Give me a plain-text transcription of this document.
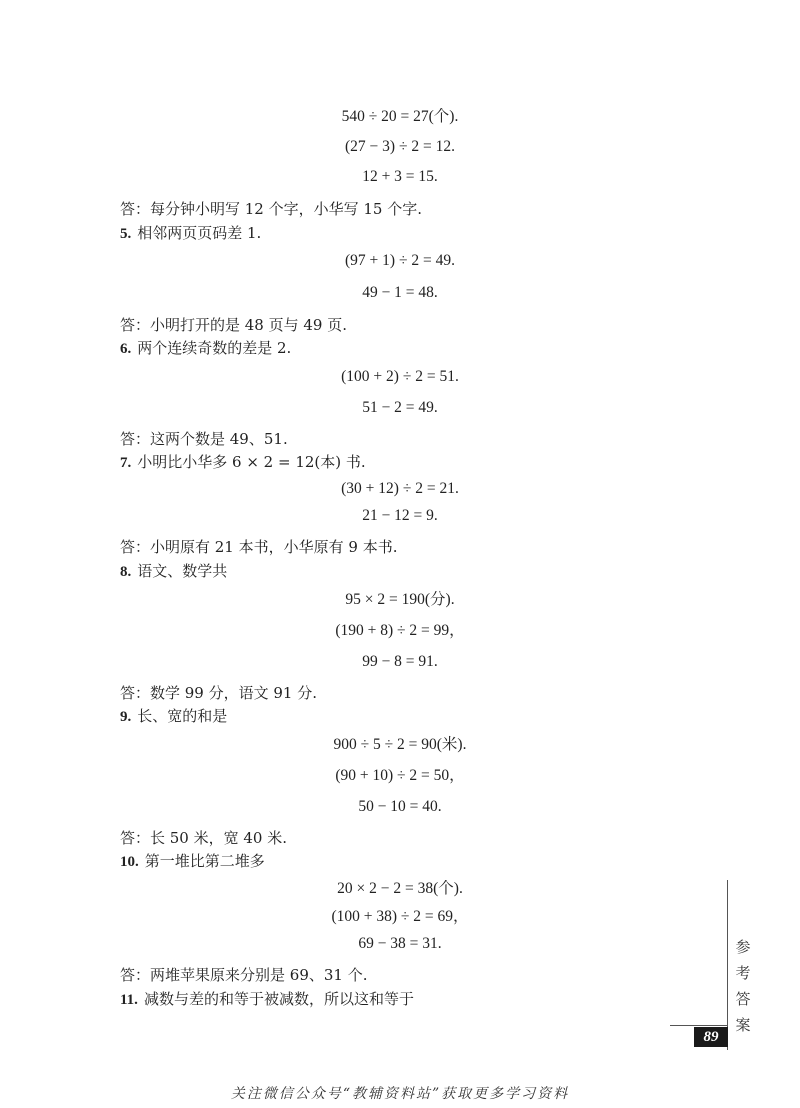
540 ÷ 20 = 27(个).
(27 − 3) ÷ 2 = 12.
12 + 3 = 15.
答：每分钟小明写 12 个字，小华写 15 个字.
5. 相邻两页页码差 1.
(97 + 1) ÷ 2 = 49.
49 − 1 = 48.
答：小明打开的是 48 页与 49 页.
6. 两个连续奇数的差是 2.
(100 + 2) ÷ 2 = 51.
51 − 2 = 49.
答：这两个数是 49、51.
7. 小明比小华多 6 × 2 = 12(本) 书.
(30 + 12) ÷ 2 = 21.
21 − 12 = 9.
答：小明原有 21 本书，小华原有 9 本书.
8. 语文、数学共
95 × 2 = 190(分).
(190 + 8) ÷ 2 = 99，
99 − 8 = 91.
答：数学 99 分，语文 91 分.
9. 长、宽的和是
900 ÷ 5 ÷ 2 = 90(米).
(90 + 10) ÷ 2 = 50，
50 − 10 = 40.
答：长 50 米，宽 40 米.
10. 第一堆比第二堆多
20 × 2 − 2 = 38(个).
(100 + 38) ÷ 2 = 69，
69 − 38 = 31.
答：两堆苹果原来分别是 69、31 个.
11. 减数与差的和等于被减数，所以这和等于
参
考
答
案
89
关注微信公众号“教辅资料站”获取更多学习资料
